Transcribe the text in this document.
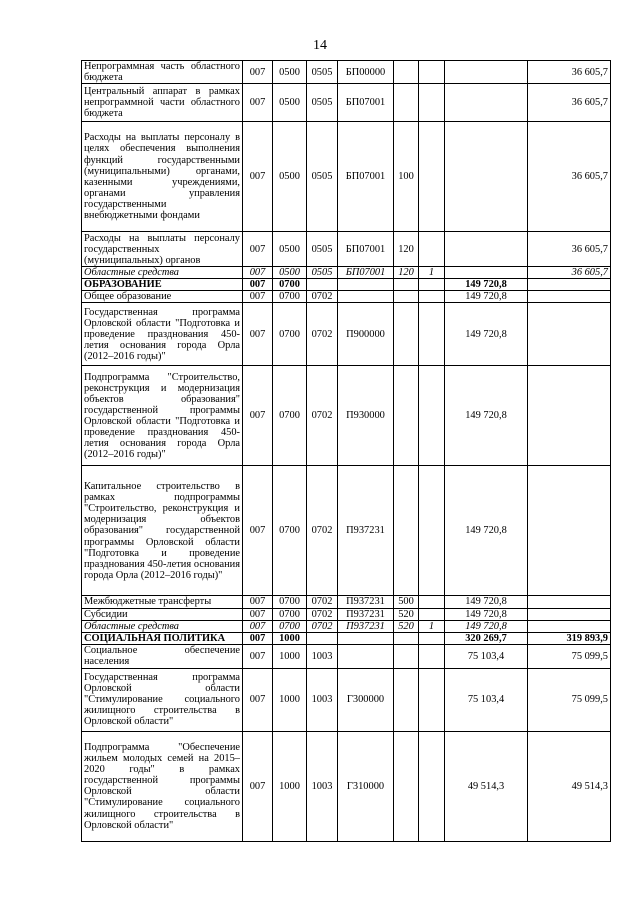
14
Непрограммная часть областного бюджета	007	0500	0505	БП00000				36 605,7
Центральный аппарат в рамках непрограммной части областного бюджета	007	0500	0505	БП07001				36 605,7
Расходы на выплаты персоналу в целях обеспечения выполнения функций государственными (муниципальными) органами, казенными учреждениями, органами управления государственными внебюджетными фондами	007	0500	0505	БП07001	100			36 605,7
Расходы на выплаты персоналу государственных (муниципальных) органов	007	0500	0505	БП07001	120			36 605,7
Областные средства	007	0500	0505	БП07001	120	1		36 605,7
ОБРАЗОВАНИЕ	007	0700					149 720,8	
Общее образование	007	0700	0702				149 720,8	
Государственная программа Орловской области "Подготовка и проведение празднования 450-летия основания города Орла (2012–2016 годы)"	007	0700	0702	П900000			149 720,8	
Подпрограмма "Строительство, реконструкция и модернизация объектов образования" государственной программы Орловской области "Подготовка и проведение празднования 450-летия основания города Орла (2012–2016 годы)"	007	0700	0702	П930000			149 720,8	
Капитальное строительство в рамках подпрограммы "Строительство, реконструкция и модернизация объектов образования" государственной программы Орловской области "Подготовка и проведение празднования 450-летия основания города Орла (2012–2016 годы)"	007	0700	0702	П937231			149 720,8	
Межбюджетные трансферты	007	0700	0702	П937231	500		149 720,8	
Субсидии	007	0700	0702	П937231	520		149 720,8	
Областные средства	007	0700	0702	П937231	520	1	149 720,8	
СОЦИАЛЬНАЯ ПОЛИТИКА	007	1000					320 269,7	319 893,9
Социальное обеспечение населения	007	1000	1003				75 103,4	75 099,5
Государственная программа Орловской области "Стимулирование социального жилищного строительства в Орловской области"	007	1000	1003	Г300000			75 103,4	75 099,5
Подпрограмма "Обеспечение жильем молодых семей на 2015–2020 годы" в рамках государственной программы Орловской области "Стимулирование социального жилищного строительства в Орловской области"	007	1000	1003	Г310000			49 514,3	49 514,3
